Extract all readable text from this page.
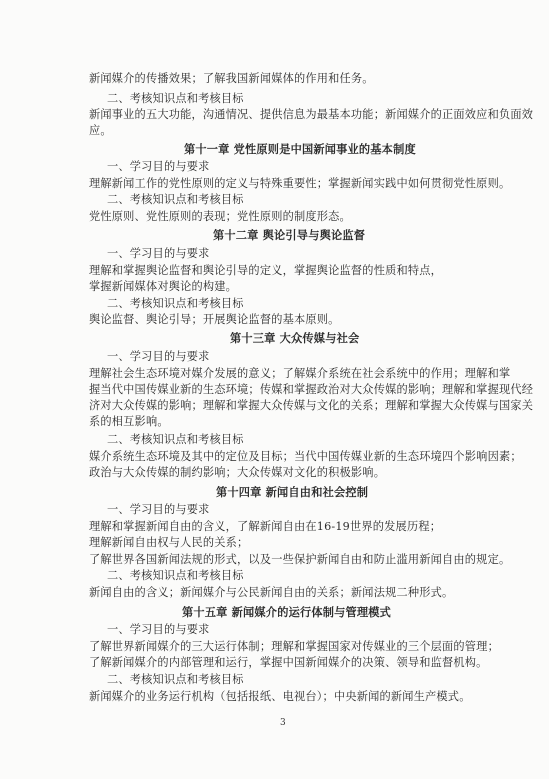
新闻媒介的传播效果；了解我国新闻媒体的作用和任务。
二、考核知识点和考核目标
新闻事业的五大功能，沟通情况、提供信息为最基本功能；新闻媒介的正面效应和负面效
应。
第十一章 党性原则是中国新闻事业的基本制度
一、学习目的与要求
理解新闻工作的党性原则的定义与特殊重要性；掌握新闻实践中如何贯彻党性原则。
二、考核知识点和考核目标
党性原则、党性原则的表现；党性原则的制度形态。
第十二章 舆论引导与舆论监督
一、学习目的与要求
理解和掌握舆论监督和舆论引导的定义，掌握舆论监督的性质和特点，
掌握新闻媒体对舆论的构建。
二、考核知识点和考核目标
舆论监督、舆论引导；开展舆论监督的基本原则。
第十三章 大众传媒与社会
一、学习目的与要求
理解社会生态环境对媒介发展的意义；了解媒介系统在社会系统中的作用；理解和掌
握当代中国传媒业新的生态环境；传媒和掌握政治对大众传媒的影响；理解和掌握现代经
济对大众传媒的影响；理解和掌握大众传媒与文化的关系；理解和掌握大众传媒与国家关
系的相互影响。
二、考核知识点和考核目标
媒介系统生态环境及其中的定位及目标；当代中国传媒业新的生态环境四个影响因素；
政治与大众传媒的制约影响；大众传媒对文化的积极影响。
第十四章 新闻自由和社会控制
一、学习目的与要求
理解和掌握新闻自由的含义，了解新闻自由在16-19世界的发展历程；
理解新闻自由权与人民的关系；
了解世界各国新闻法规的形式，以及一些保护新闻自由和防止滥用新闻自由的规定。
二、考核知识点和考核目标
新闻自由的含义；新闻媒介与公民新闻自由的关系；新闻法规二种形式。
第十五章 新闻媒介的运行体制与管理模式
一、学习目的与要求
了解世界新闻媒介的三大运行体制；理解和掌握国家对传媒业的三个层面的管理；
了解新闻媒介的内部管理和运行，掌握中国新闻媒介的决策、领导和监督机构。
二、考核知识点和考核目标
新闻媒介的业务运行机构（包括报纸、电视台）；中央新闻的新闻生产模式。
3
